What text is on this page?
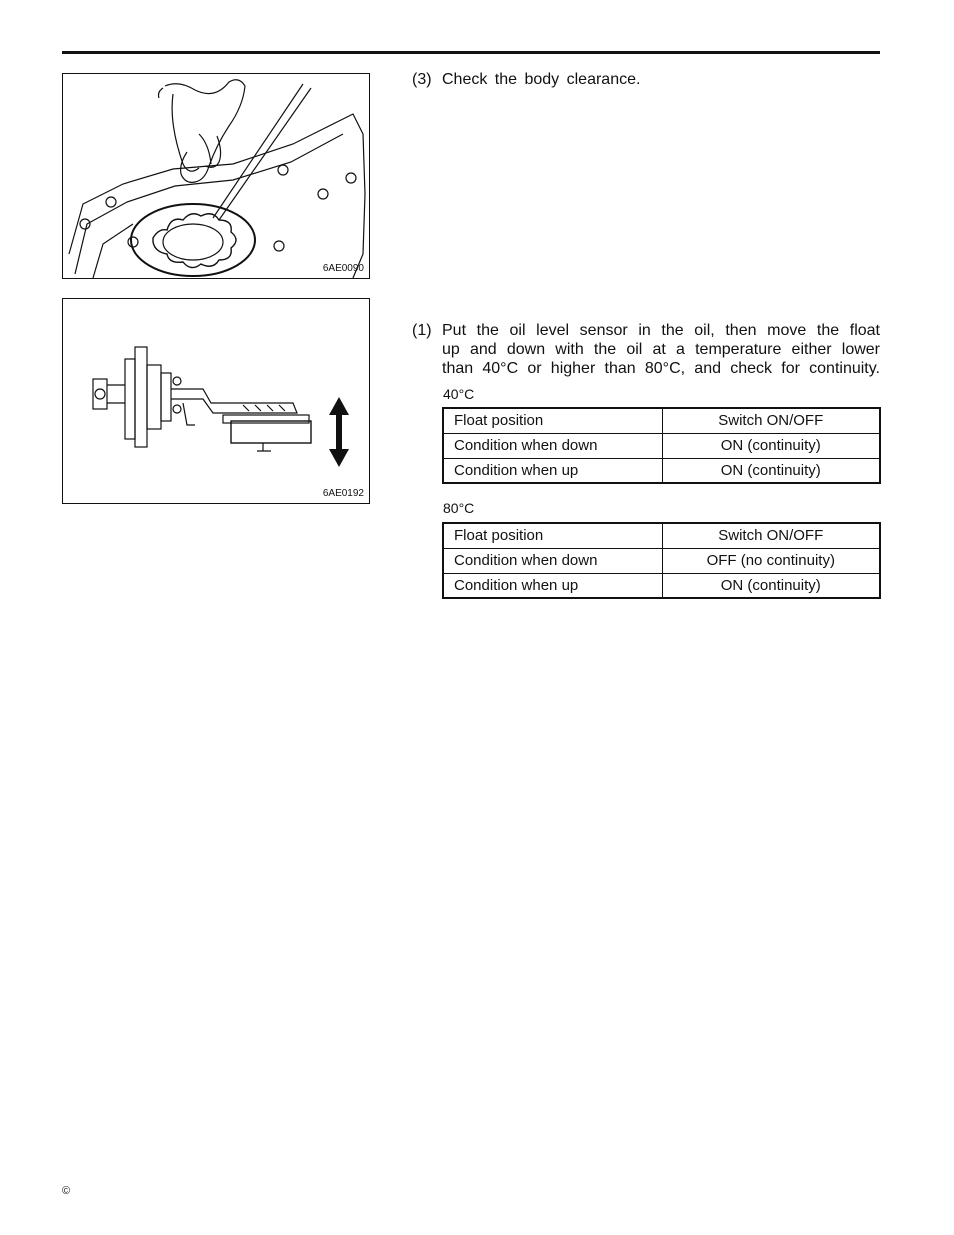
6AE0090
6AE0192
(3) Check the body clearance.
(1) Put the oil level sensor in the oil, then move the float
up and down with the oil at a temperature either lower
than 40°C or higher than 80°C, and check for continuity.
40°C
Float position	Switch ON/OFF
Condition when down	ON (continuity)
Condition when up	ON (continuity)
80°C
Float position	Switch ON/OFF
Condition when down	OFF (no continuity)
Condition when up	ON (continuity)
©
